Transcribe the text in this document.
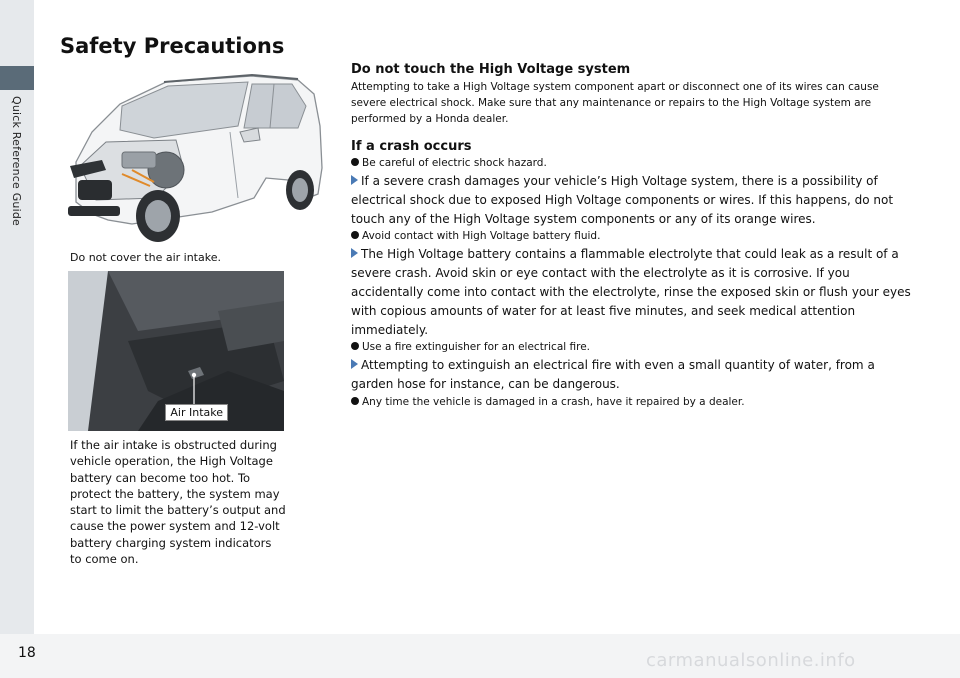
Quick Reference Guide
Safety Precautions
Do not cover the air intake.
Air Intake
If the air intake is obstructed during vehicle operation, the High Voltage battery can become too hot. To protect the battery, the system may start to limit the battery’s output and cause the power system and 12-volt battery charging system indicators to come on.
Do not touch the High Voltage system
Attempting to take a High Voltage system component apart or disconnect one of its wires can cause severe electrical shock. Make sure that any maintenance or repairs to the High Voltage system are performed by a Honda dealer.
If a crash occurs
Be careful of electric shock hazard.
If a severe crash damages your vehicle’s High Voltage system, there is a possibility of electrical shock due to exposed High Voltage components or wires. If this happens, do not touch any of the High Voltage system components or any of its orange wires.
Avoid contact with High Voltage battery fluid.
The High Voltage battery contains a flammable electrolyte that could leak as a result of a severe crash. Avoid skin or eye contact with the electrolyte as it is corrosive. If you accidentally come into contact with the electrolyte, rinse the exposed skin or flush your eyes with copious amounts of water for at least five minutes, and seek medical attention immediately.
Use a fire extinguisher for an electrical fire.
Attempting to extinguish an electrical fire with even a small quantity of water, from a garden hose for instance, can be dangerous.
Any time the vehicle is damaged in a crash, have it repaired by a dealer.
18	carmanualsonline.info
